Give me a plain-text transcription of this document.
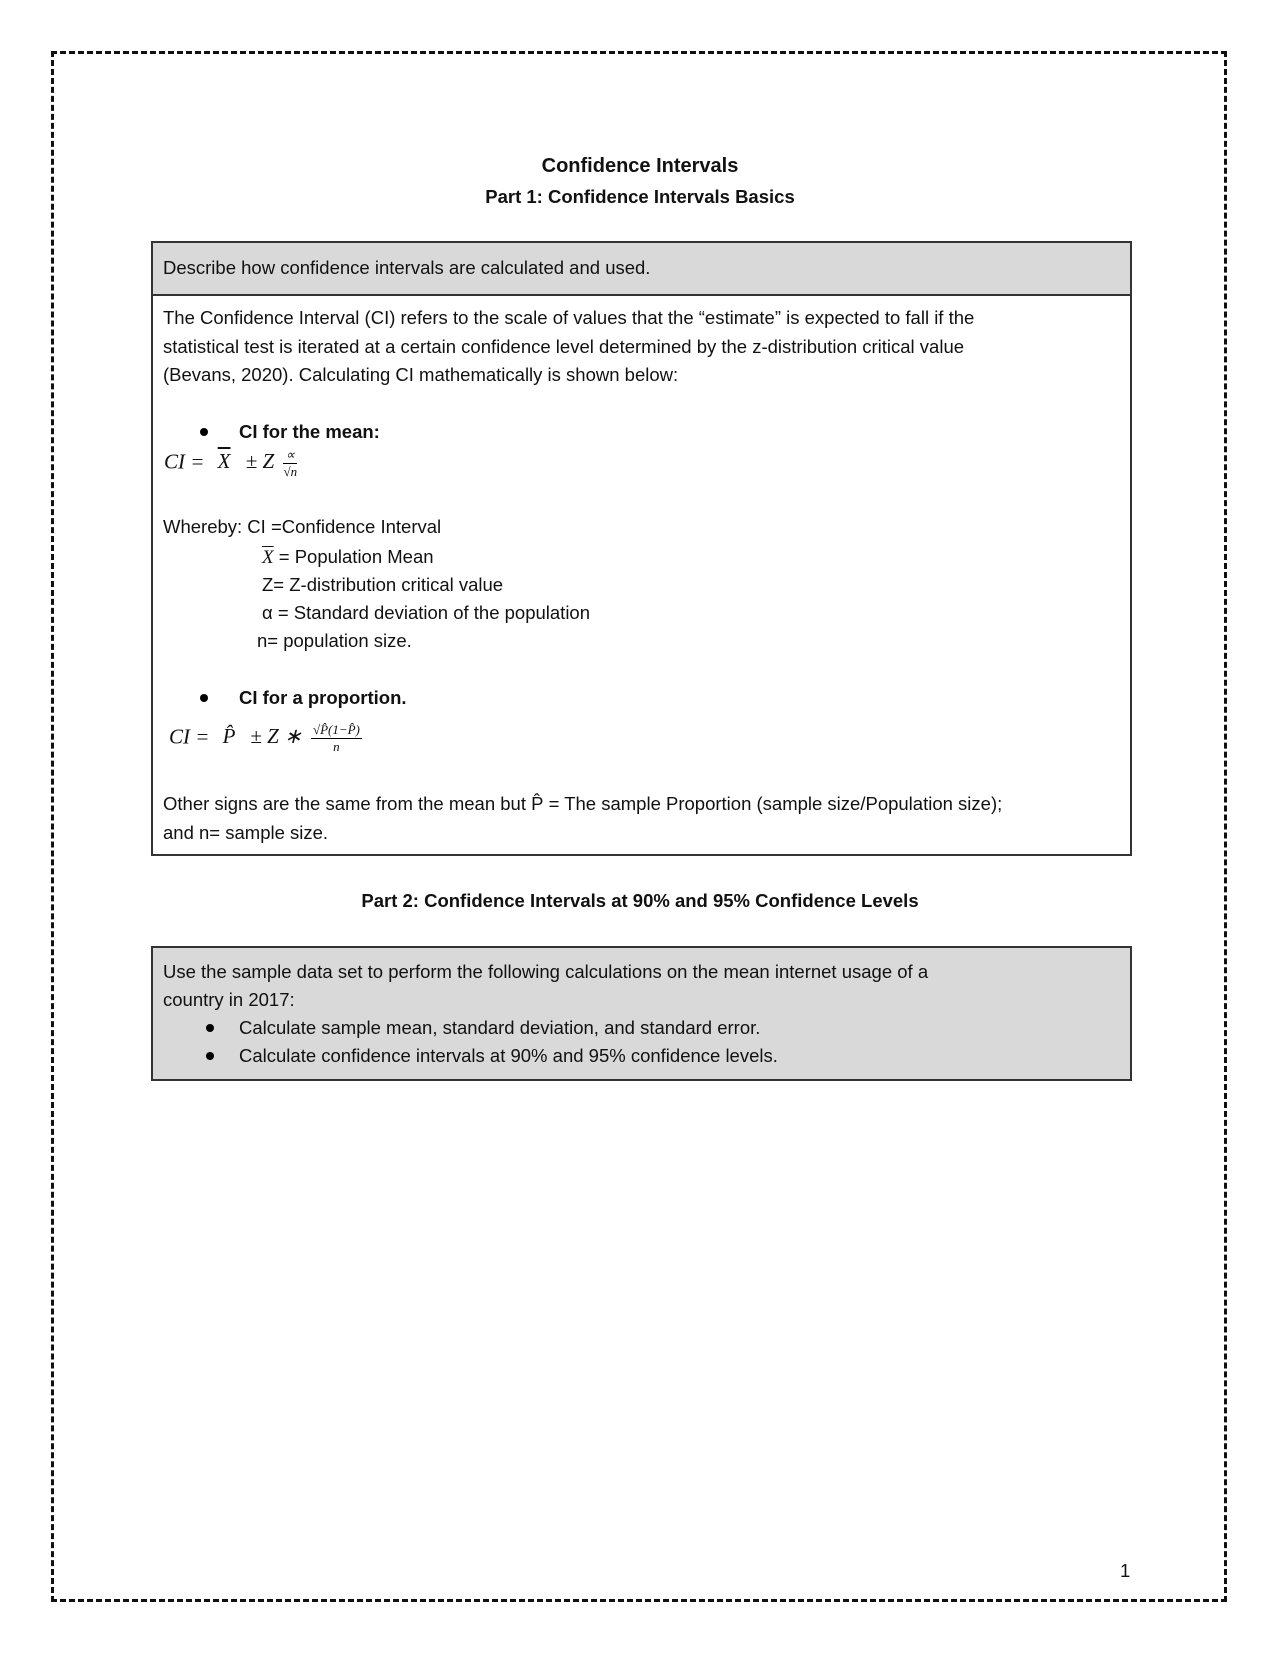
Confidence Intervals
Part 1: Confidence Intervals Basics
Describe how confidence intervals are calculated and used.
The Confidence Interval (CI) refers to the scale of values that the “estimate” is expected to fall if the
statistical test is iterated at a certain confidence level determined by the z-distribution critical value
(Bevans, 2020). Calculating CI mathematically is shown below:
CI for the mean:
CI = $\overline{X} \pm Z \frac{\propto}{√n}$
Whereby: CI =Confidence Interval
$\overline{X}$ = Population Mean
Z= Z-distribution critical value
α = Standard deviation of the population
n= population size.
CI for a proportion.
CI = P̂ ± Z ∗ $\frac{√P̂(1-P̂)}{n}$
Other signs are the same from the mean but P̂ = The sample Proportion (sample size/Population size);
and n= sample size.
Part 2: Confidence Intervals at 90% and 95% Confidence Levels
Use the sample data set to perform the following calculations on the mean internet usage of a
country in 2017:
Calculate sample mean, standard deviation, and standard error.
Calculate confidence intervals at 90% and 95% confidence levels.
1
